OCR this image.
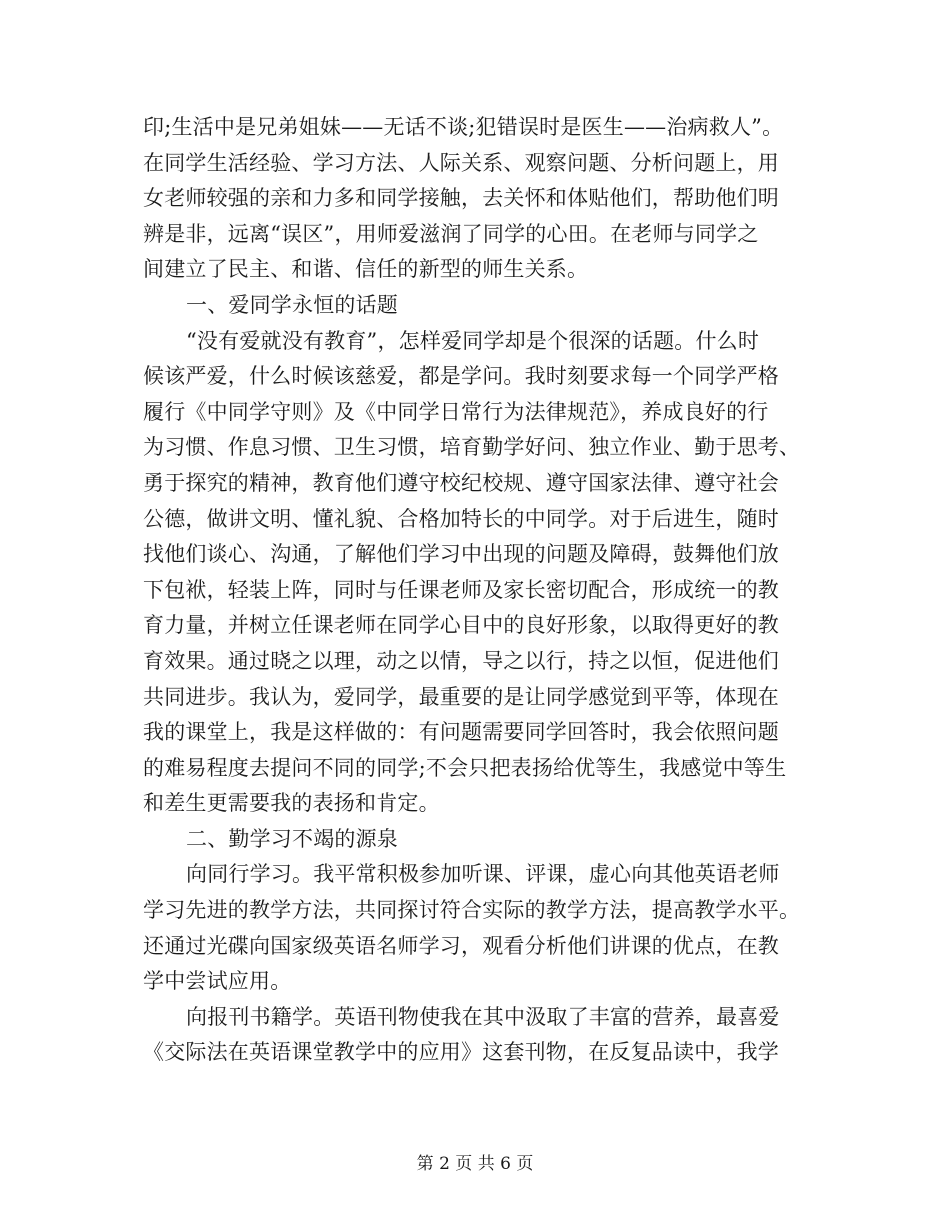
印;生活中是兄弟姐妹——无话不谈;犯错误时是医生——治病救人”。
在同学生活经验、学习方法、人际关系、观察问题、分析问题上，用
女老师较强的亲和力多和同学接触，去关怀和体贴他们，帮助他们明
辨是非，远离“误区”，用师爱滋润了同学的心田。在老师与同学之
间建立了民主、和谐、信任的新型的师生关系。
一、爱同学永恒的话题
“没有爱就没有教育”，怎样爱同学却是个很深的话题。什么时
候该严爱，什么时候该慈爱，都是学问。我时刻要求每一个同学严格
履行《中同学守则》及《中同学日常行为法律规范》，养成良好的行
为习惯、作息习惯、卫生习惯，培育勤学好问、独立作业、勤于思考、
勇于探究的精神，教育他们遵守校纪校规、遵守国家法律、遵守社会
公德，做讲文明、懂礼貌、合格加特长的中同学。对于后进生，随时
找他们谈心、沟通，了解他们学习中出现的问题及障碍，鼓舞他们放
下包袱，轻装上阵，同时与任课老师及家长密切配合，形成统一的教
育力量，并树立任课老师在同学心目中的良好形象，以取得更好的教
育效果。通过晓之以理，动之以情，导之以行，持之以恒，促进他们
共同进步。我认为，爱同学，最重要的是让同学感觉到平等，体现在
我的课堂上，我是这样做的：有问题需要同学回答时，我会依照问题
的难易程度去提问不同的同学;不会只把表扬给优等生，我感觉中等生
和差生更需要我的表扬和肯定。
二、勤学习不竭的源泉
向同行学习。我平常积极参加听课、评课，虚心向其他英语老师
学习先进的教学方法，共同探讨符合实际的教学方法，提高教学水平。
还通过光碟向国家级英语名师学习，观看分析他们讲课的优点，在教
学中尝试应用。
向报刊书籍学。英语刊物使我在其中汲取了丰富的营养，最喜爱
《交际法在英语课堂教学中的应用》这套刊物，在反复品读中，我学
第 2 页 共 6 页
